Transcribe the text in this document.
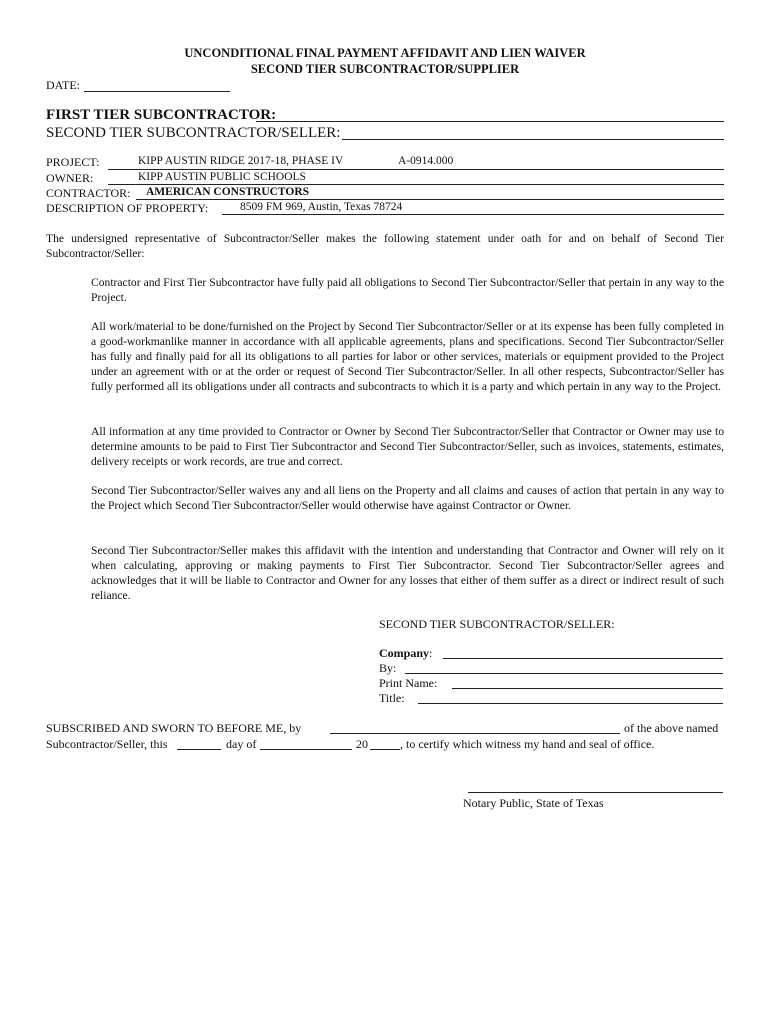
UNCONDITIONAL FINAL PAYMENT AFFIDAVIT AND LIEN WAIVER
SECOND TIER SUBCONTRACTOR/SUPPLIER
DATE:
FIRST TIER SUBCONTRACTOR:
SECOND TIER SUBCONTRACTOR/SELLER:
PROJECT:	KIPP AUSTIN RIDGE 2017-18, PHASE IV	A-0914.000
OWNER:	KIPP AUSTIN PUBLIC SCHOOLS
CONTRACTOR: AMERICAN CONSTRUCTORS
DESCRIPTION OF PROPERTY:	8509 FM 969, Austin, Texas 78724
The undersigned representative of Subcontractor/Seller makes the following statement under oath for and on behalf of Second Tier Subcontractor/Seller:
Contractor and First Tier Subcontractor have fully paid all obligations to Second Tier Subcontractor/Seller that pertain in any way to the Project.
All work/material to be done/furnished on the Project by Second Tier Subcontractor/Seller or at its expense has been fully completed in a good-workmanlike manner in accordance with all applicable agreements, plans and specifications. Second Tier Subcontractor/Seller has fully and finally paid for all its obligations to all parties for labor or other services, materials or equipment provided to the Project under an agreement with or at the order or request of Second Tier Subcontractor/Seller. In all other respects, Subcontractor/Seller has fully performed all its obligations under all contracts and subcontracts to which it is a party and which pertain in any way to the Project.
All information at any time provided to Contractor or Owner by Second Tier Subcontractor/Seller that Contractor or Owner may use to determine amounts to be paid to First Tier Subcontractor and Second Tier Subcontractor/Seller, such as invoices, statements, estimates, delivery receipts or work records, are true and correct.
Second Tier Subcontractor/Seller waives any and all liens on the Property and all claims and causes of action that pertain in any way to the Project which Second Tier Subcontractor/Seller would otherwise have against Contractor or Owner.
Second Tier Subcontractor/Seller makes this affidavit with the intention and understanding that Contractor and Owner will rely on it when calculating, approving or making payments to First Tier Subcontractor. Second Tier Subcontractor/Seller agrees and acknowledges that it will be liable to Contractor and Owner for any losses that either of them suffer as a direct or indirect result of such reliance.
SECOND TIER SUBCONTRACTOR/SELLER:
Company:
By:
Print Name:
Title:
SUBSCRIBED AND SWORN TO BEFORE ME, by	of the above named
Subcontractor/Seller, this	day of	20	, to certify which witness my hand and seal of office.
Notary Public, State of Texas
